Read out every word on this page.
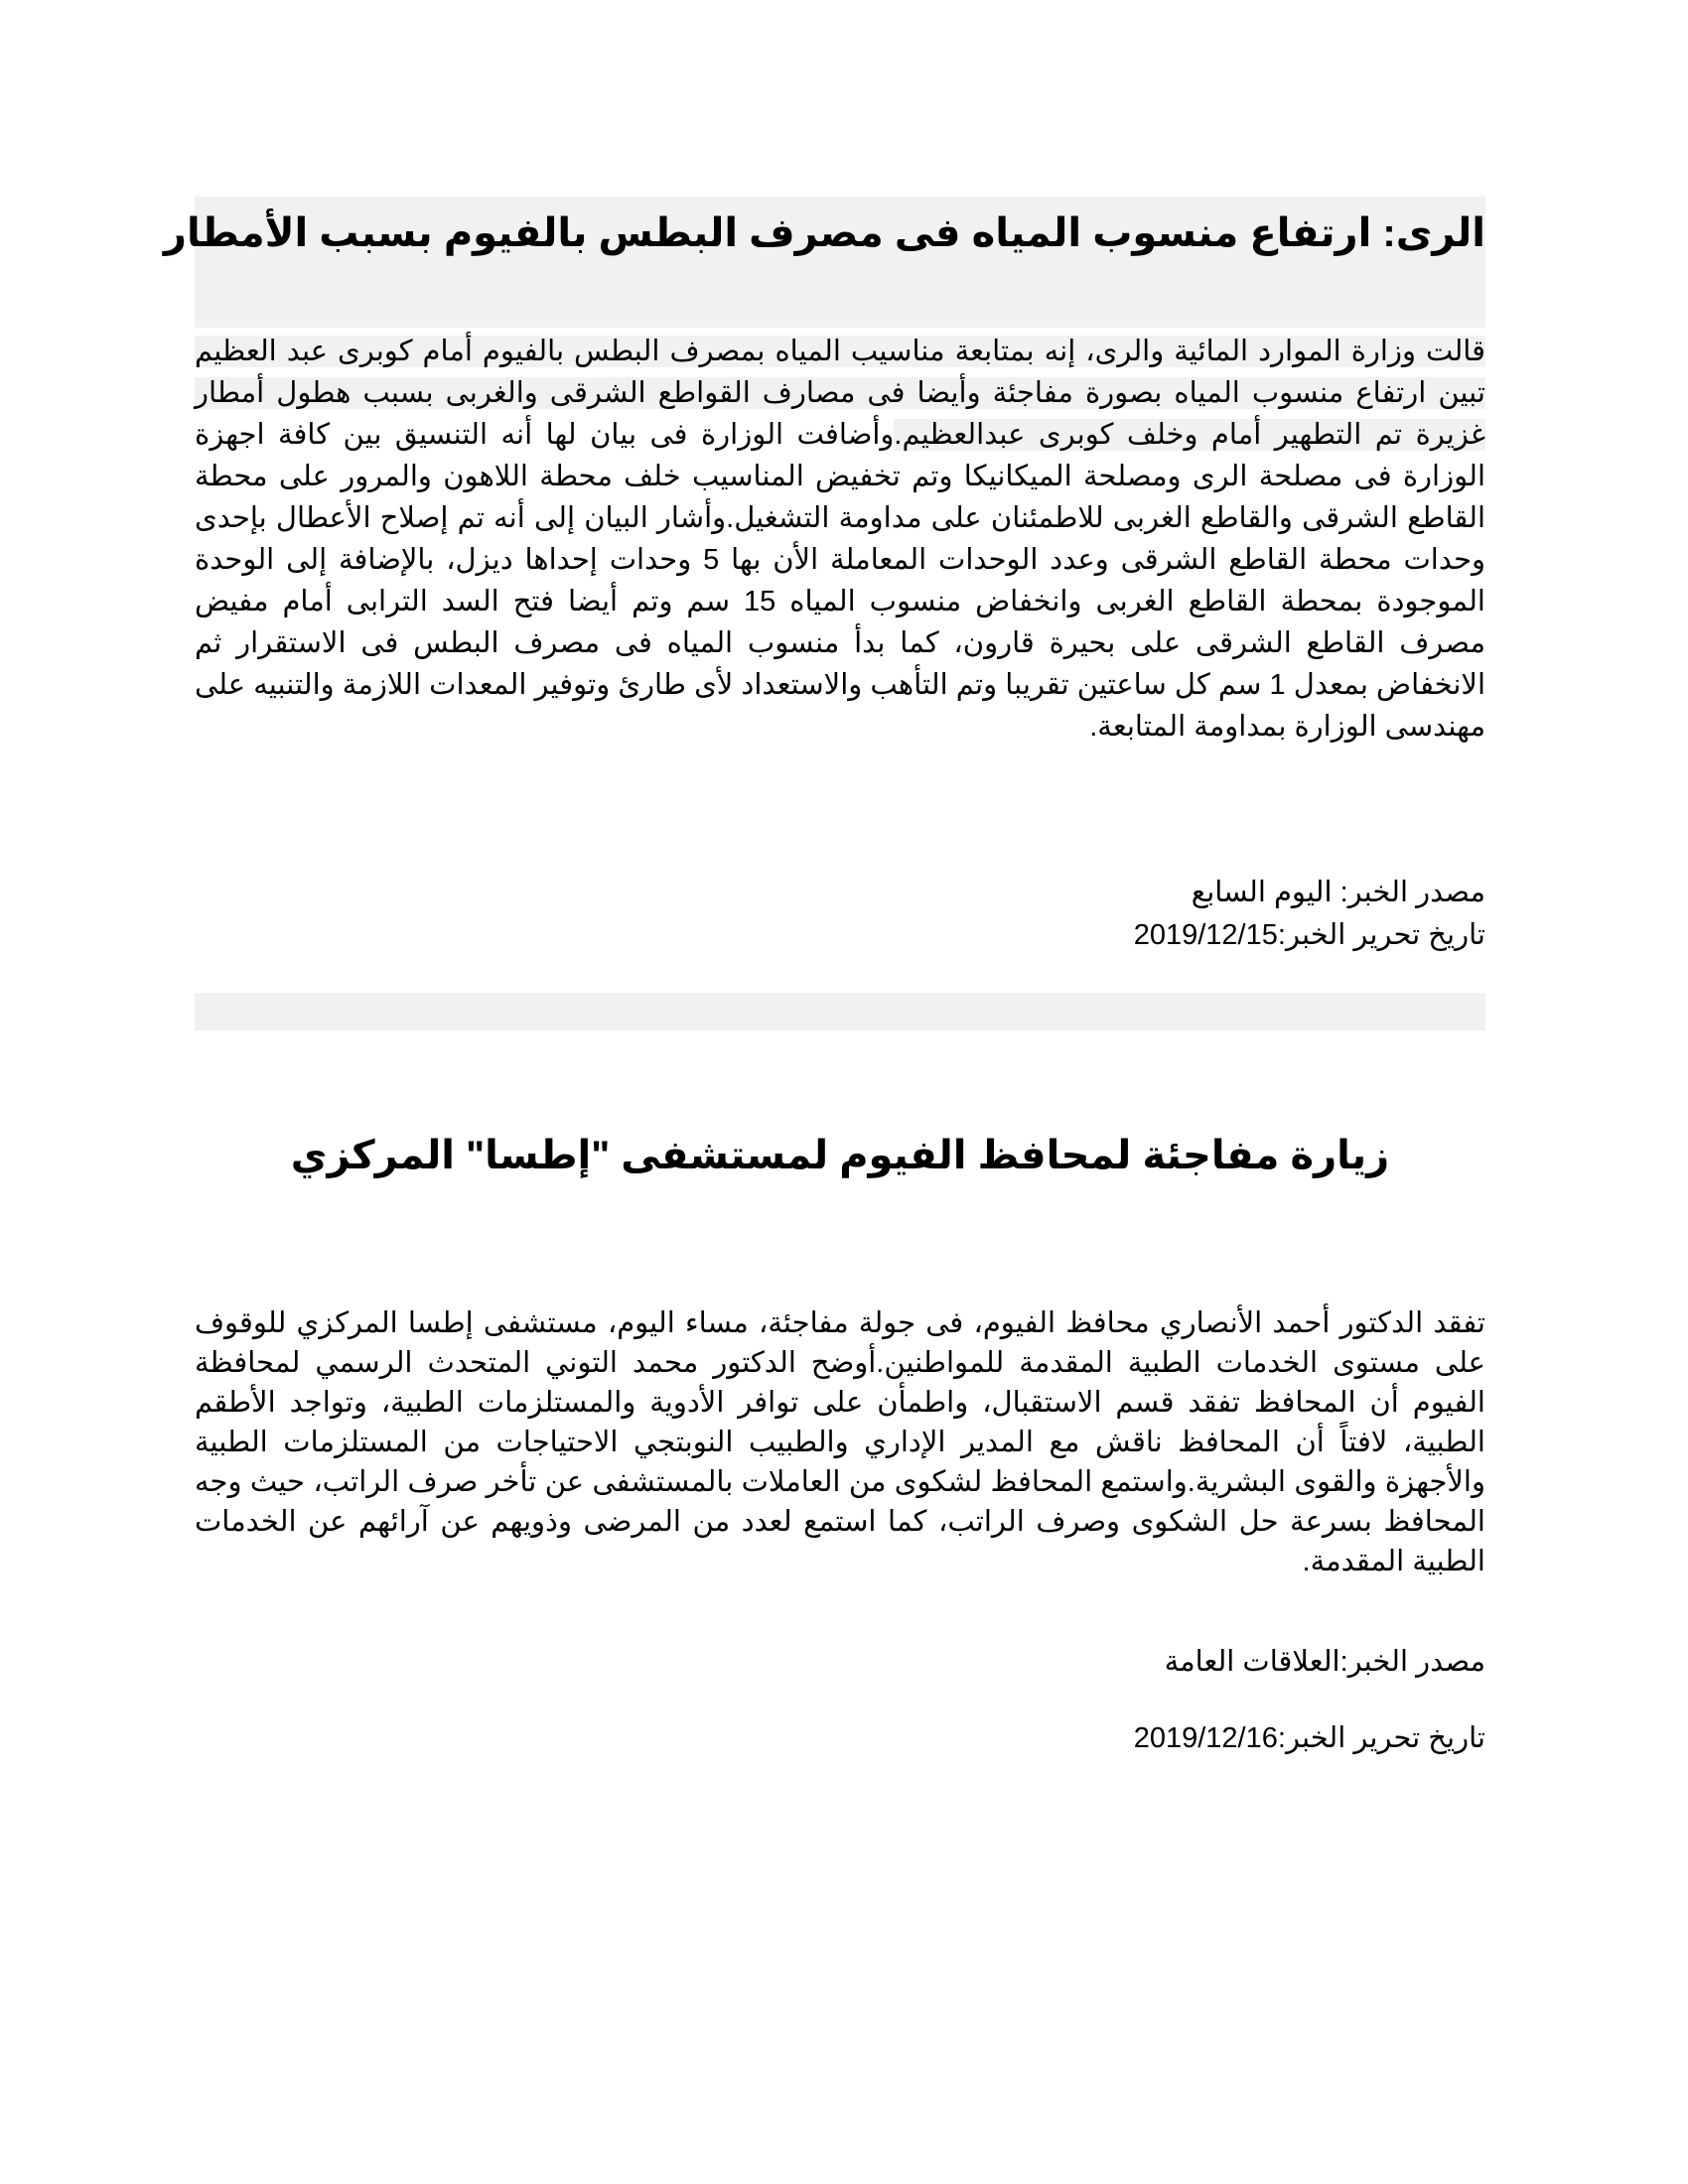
الرى: ارتفاع منسوب المياه فى مصرف البطس بالفيوم بسبب الأمطار

قالت وزارة الموارد المائية والرى، إنه بمتابعة مناسيب المياه بمصرف البطس بالفيوم أمام كوبرى عبد العظيم تبين ارتفاع منسوب المياه بصورة مفاجئة وأيضا فى مصارف القواطع الشرقى والغربى بسبب هطول أمطار غزيرة تم التطهير أمام وخلف كوبرى عبدالعظيم.وأضافت الوزارة فى بيان لها أنه التنسيق بين كافة اجهزة الوزارة فى مصلحة الرى ومصلحة الميكانيكا وتم تخفيض المناسيب خلف محطة اللاهون والمرور على محطة القاطع الشرقى والقاطع الغربى للاطمئنان على مداومة التشغيل.وأشار البيان إلى أنه تم إصلاح الأعطال بإحدى وحدات محطة القاطع الشرقى وعدد الوحدات المعاملة الأن بها 5 وحدات إحداها ديزل، بالإضافة إلى الوحدة الموجودة بمحطة القاطع الغربى وانخفاض منسوب المياه 15 سم وتم أيضا فتح السد الترابى أمام مفيض مصرف القاطع الشرقى على بحيرة قارون، كما بدأ منسوب المياه فى مصرف البطس فى الاستقرار ثم الانخفاض بمعدل 1 سم كل ساعتين تقريبا وتم التأهب والاستعداد لأى طارئ وتوفير المعدات اللازمة والتنبيه على مهندسى الوزارة بمداومة المتابعة.

مصدر الخبر: اليوم السابع

تاريخ تحرير الخبر:2019/12/15

زيارة مفاجئة لمحافظ الفيوم لمستشفى "إطسا" المركزي

تفقد الدكتور أحمد الأنصاري محافظ الفيوم، فى جولة مفاجئة، مساء اليوم، مستشفى إطسا المركزي للوقوف على مستوى الخدمات الطبية المقدمة للمواطنين.أوضح الدكتور محمد التوني المتحدث الرسمي لمحافظة الفيوم أن المحافظ تفقد قسم الاستقبال، واطمأن على توافر الأدوية والمستلزمات الطبية، وتواجد الأطقم الطبية، لافتاً أن المحافظ ناقش مع المدير الإداري والطبيب النوبتجي الاحتياجات من المستلزمات الطبية والأجهزة والقوى البشرية.واستمع المحافظ لشكوى من العاملات بالمستشفى عن تأخر صرف الراتب، حيث وجه المحافظ بسرعة حل الشكوى وصرف الراتب، كما استمع لعدد من المرضى وذويهم عن آرائهم عن الخدمات الطبية المقدمة.

مصدر الخبر:العلاقات العامة

تاريخ تحرير الخبر:2019/12/16
